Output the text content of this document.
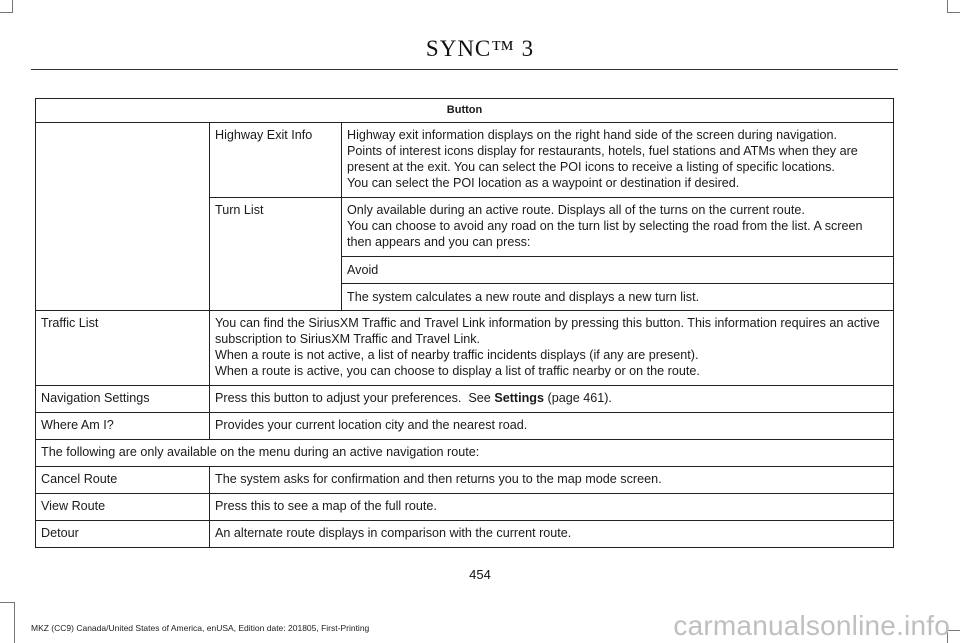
SYNC™ 3
Button		
	Highway Exit Info	Highway exit information displays on the right hand side of the screen during navigation.
Points of interest icons display for restaurants, hotels, fuel stations and ATMs when they are present at the exit. You can select the POI icons to receive a listing of specific locations.
You can select the POI location as a waypoint or destination if desired.

	Turn List	Only available during an active route. Displays all of the turns on the current route.
You can choose to avoid any road on the turn list by selecting the road from the list. A screen then appears and you can press:

		Avoid
		The system calculates a new route and displays a new turn list.
Traffic List	You can find the SiriusXM Traffic and Travel Link information by pressing this button. This information requires an active subscription to SiriusXM Traffic and Travel Link.
When a route is not active, a list of nearby traffic incidents displays (if any are present).
When a route is active, you can choose to display a list of traffic nearby or on the route.	

Navigation Settings	Press this button to adjust your preferences.  See Settings (page 461).	
Where Am I?	Provides your current location city and the nearest road.	
The following are only available on the menu during an active navigation route:		
Cancel Route	The system asks for confirmation and then returns you to the map mode screen.	
View Route	Press this to see a map of the full route.	
Detour	An alternate route displays in comparison with the current route.	
454
MKZ (CC9) Canada/United States of America, enUSA, Edition date: 201805, First-Printing	carmanualsonline.info
